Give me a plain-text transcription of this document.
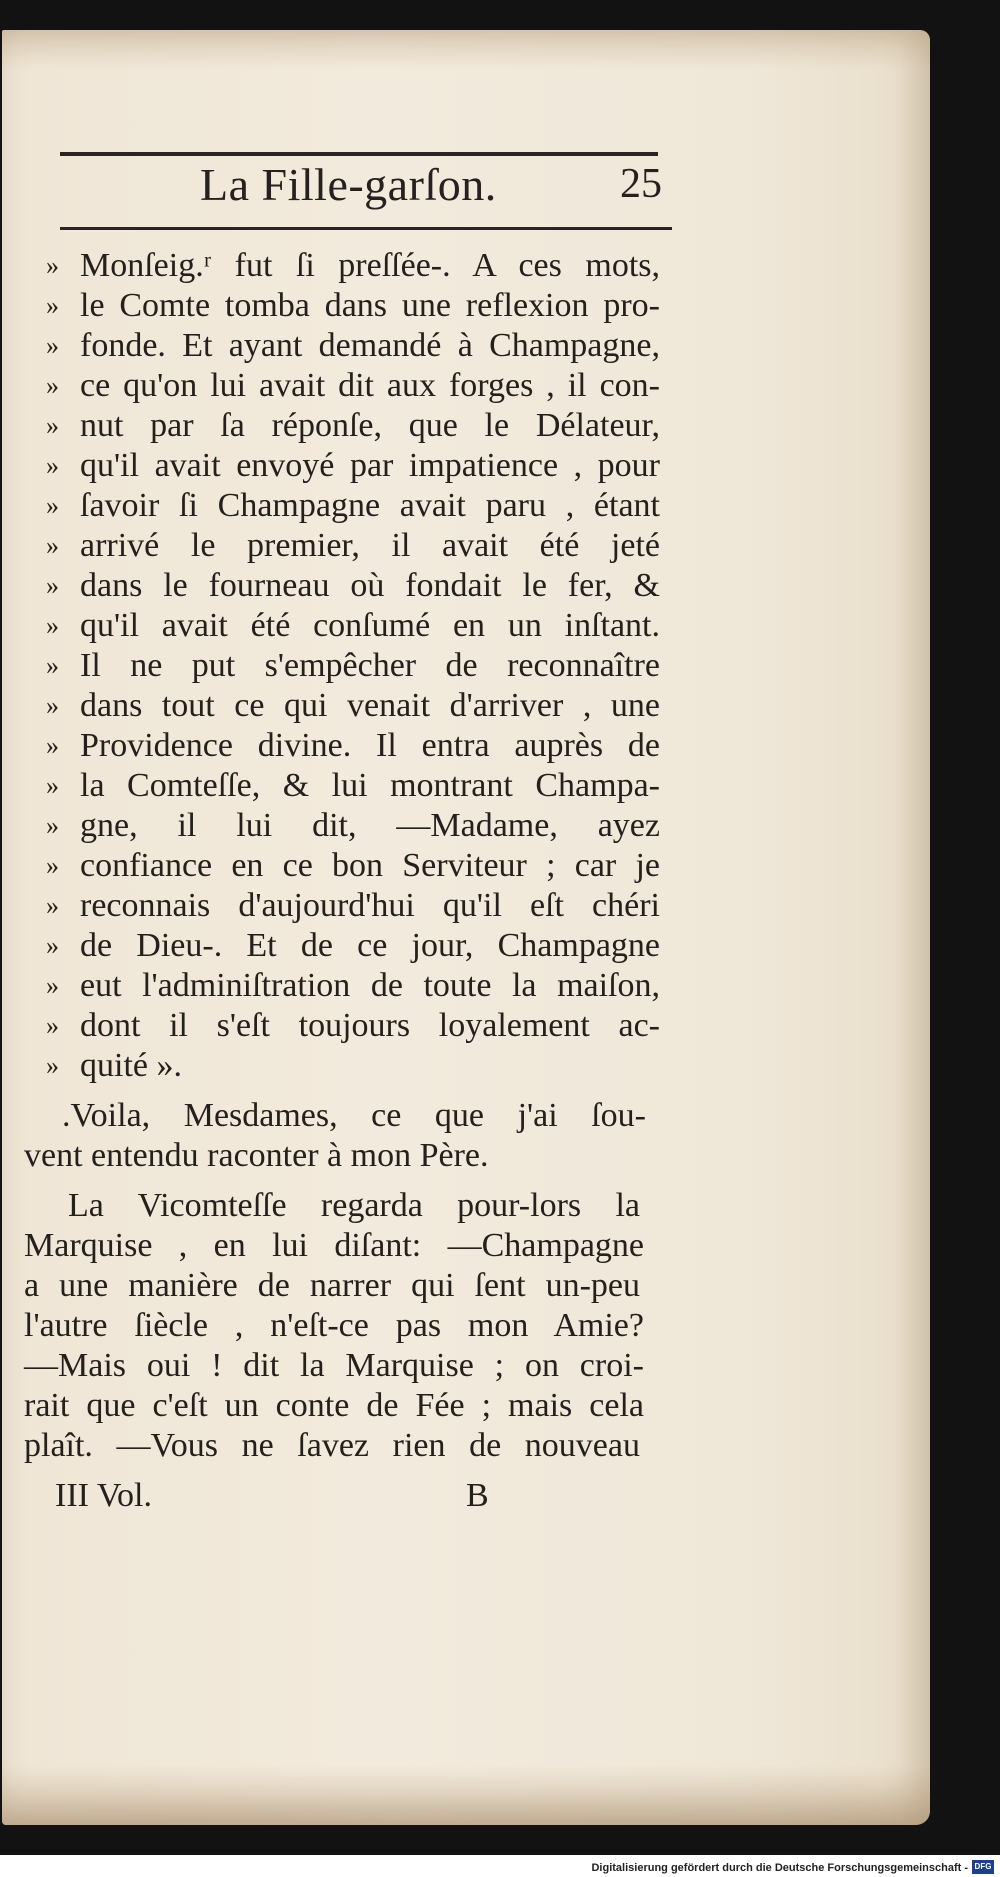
La Fille-garſon.	25
» Monſeig.ʳ fut ſi preſſée-. A ces mots,
» le Comte tomba dans une reflexion pro-
» fonde. Et ayant demandé à Champagne,
» ce qu'on lui avait dit aux forges , il con-
» nut par ſa réponſe, que le Délateur,
» qu'il avait envoyé par impatience , pour
» ſavoir ſi Champagne avait paru , étant
» arrivé le premier, il avait été jeté
» dans le fourneau où fondait le fer, &
» qu'il avait été conſumé en un inſtant.
» Il ne put s'empêcher de reconnaître
» dans tout ce qui venait d'arriver , une
» Providence divine. Il entra auprès de
» la Comteſſe, & lui montrant Champa-
» gne, il lui dit, —Madame, ayez
» confiance en ce bon Serviteur ; car je
» reconnais d'aujourd'hui qu'il eſt chéri
» de Dieu-. Et de ce jour, Champagne
» eut l'adminiſtration de toute la maiſon,
» dont il s'eſt toujours loyalement ac-
» quité ».
.Voila, Mesdames, ce que j'ai ſou-
vent entendu raconter à mon Père.
La Vicomteſſe regarda pour-lors la
Marquise , en lui diſant: —Champagne
a une manière de narrer qui ſent un-peu
l'autre ſiècle , n'eſt-ce pas mon Amie?
—Mais oui ! dit la Marquise ; on croi-
rait que c'eſt un conte de Fée ; mais cela
plaît. —Vous ne ſavez rien de nouveau
III Vol.	B
Digitalisierung gefördert durch die Deutsche Forschungsgemeinschaft - DFG
